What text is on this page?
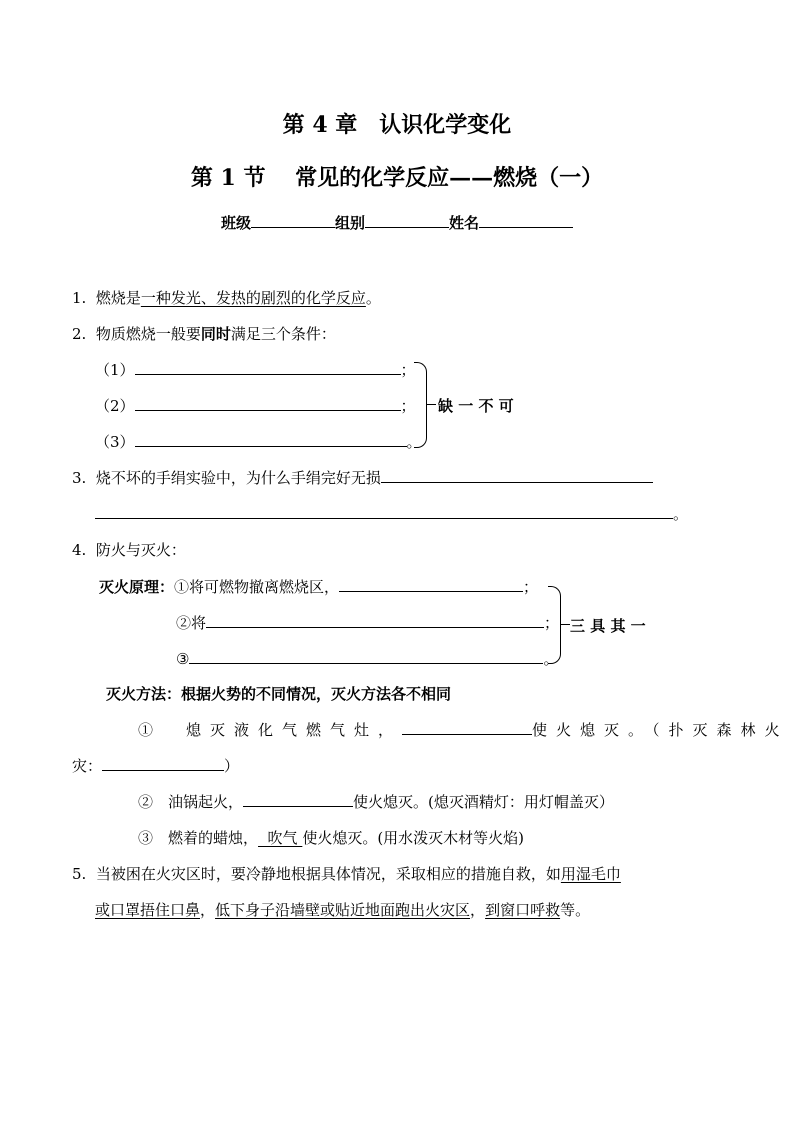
第 4 章　认识化学变化
第 1 节　 常见的化学反应——燃烧（一）
班级	组别	姓名
1. 燃烧是一种发光、发热的剧烈的化学反应。
2. 物质燃烧一般要同时满足三个条件：
（1）	；
（2）	；
（3）	。
缺 一 不 可
3. 烧不坏的手绢实验中，为什么手绢完好无损
。
4. 防火与灭火：
灭火原理：①将可燃物撤离燃烧区，	；
②将	；
③	。
三 具 其 一
灭火方法：根据火势的不同情况，灭火方法各不相同
①　熄灭液化气燃气灶，	使火熄灭。（扑灭森林火
灾：	）
②　油锅起火，	使火熄灭。(熄灭酒精灯：用灯帽盖灭）
③　燃着的蜡烛，  吹气 使火熄灭。(用水泼灭木材等火焰)
5. 当被困在火灾区时，要冷静地根据具体情况，采取相应的措施自救，如用湿毛巾
或口罩捂住口鼻，低下身子沿墙壁或贴近地面跑出火灾区，到窗口呼救等。
